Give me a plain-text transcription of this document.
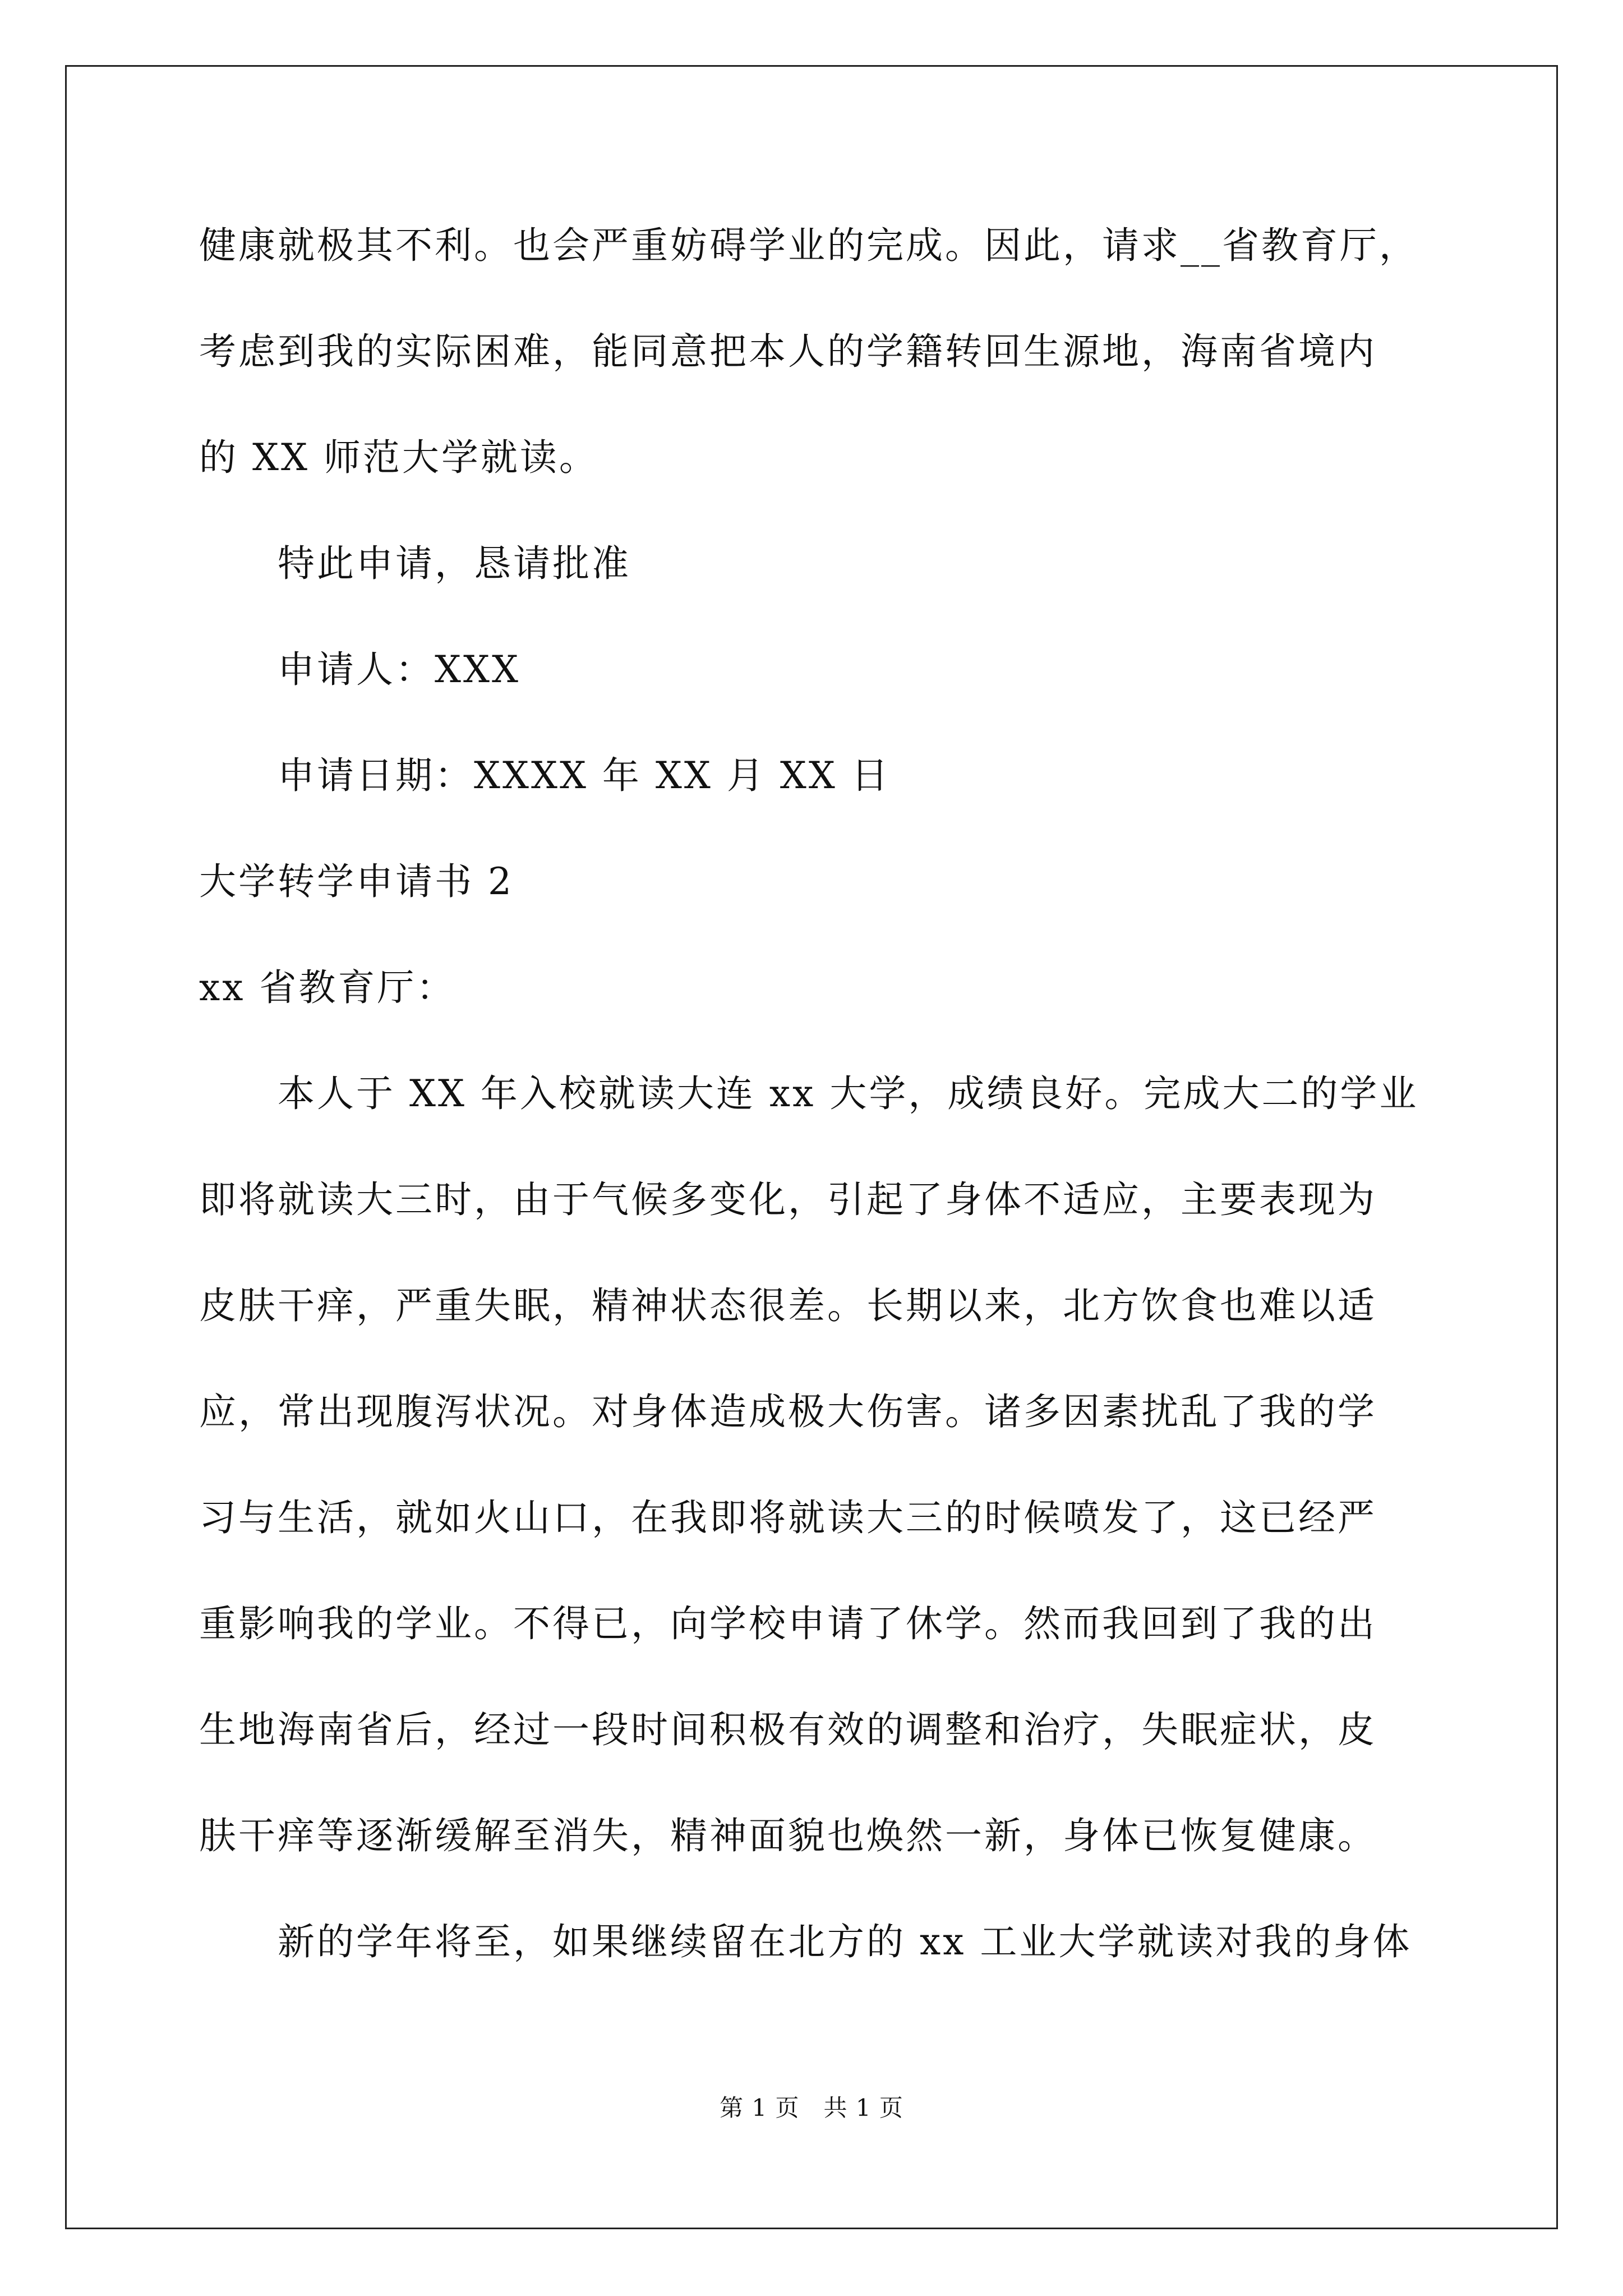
健康就极其不利。也会严重妨碍学业的完成。因此，请求__省教育厅，
考虑到我的实际困难，能同意把本人的学籍转回生源地，海南省境内
的 XX 师范大学就读。
特此申请，恳请批准
申请人：XXX
申请日期：XXXX 年 XX 月 XX 日
大学转学申请书 2
xx 省教育厅：
本人于 XX 年入校就读大连 xx 大学，成绩良好。完成大二的学业
即将就读大三时，由于气候多变化，引起了身体不适应，主要表现为
皮肤干痒，严重失眠，精神状态很差。长期以来，北方饮食也难以适
应，常出现腹泻状况。对身体造成极大伤害。诸多因素扰乱了我的学
习与生活，就如火山口，在我即将就读大三的时候喷发了，这已经严
重影响我的学业。不得已，向学校申请了休学。然而我回到了我的出
生地海南省后，经过一段时间积极有效的调整和治疗，失眠症状，皮
肤干痒等逐渐缓解至消失，精神面貌也焕然一新，身体已恢复健康。
新的学年将至，如果继续留在北方的 xx 工业大学就读对我的身体
第 1 页　共 1 页
